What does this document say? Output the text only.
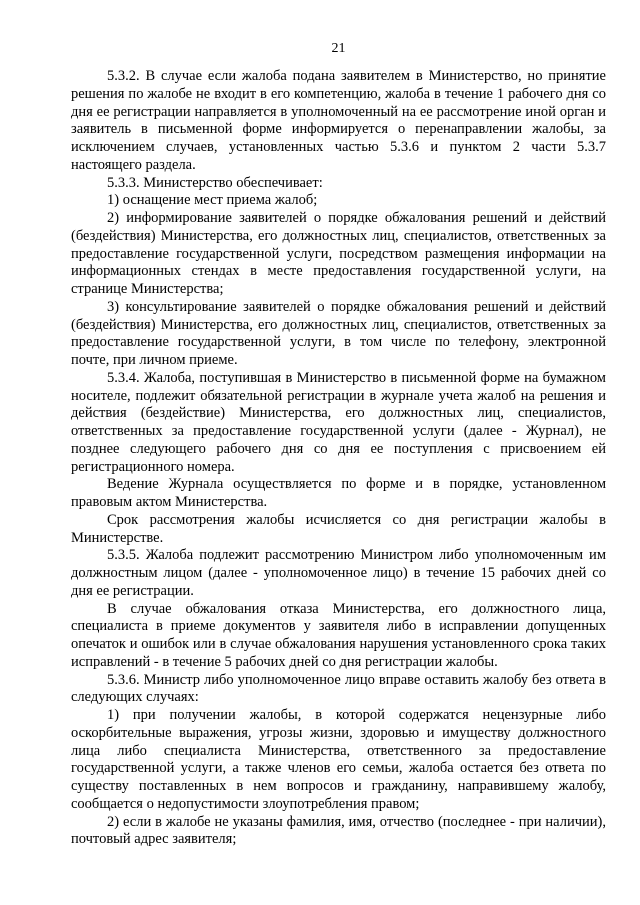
21

5.3.2. В случае если жалоба подана заявителем в Министерство, но принятие решения по жалобе не входит в его компетенцию, жалоба в течение 1 рабочего дня со дня ее регистрации направляется в уполномоченный на ее рассмотрение иной орган и заявитель в письменной форме информируется о перенаправлении жалобы, за исключением случаев, установленных частью 5.3.6 и пунктом 2 части 5.3.7 настоящего раздела.

5.3.3. Министерство обеспечивает:

1) оснащение мест приема жалоб;

2) информирование заявителей о порядке обжалования решений и действий (бездействия) Министерства, его должностных лиц, специалистов, ответственных за предоставление государственной услуги, посредством размещения информации на информационных стендах в месте предоставления государственной услуги, на странице Министерства;

3) консультирование заявителей о порядке обжалования решений и действий (бездействия) Министерства, его должностных лиц, специалистов, ответственных за предоставление государственной услуги, в том числе по телефону, электронной почте, при личном приеме.

5.3.4. Жалоба, поступившая в Министерство в письменной форме на бумажном носителе, подлежит обязательной регистрации в журнале учета жалоб на решения и действия (бездействие) Министерства, его должностных лиц, специалистов, ответственных за предоставление государственной услуги (далее - Журнал), не позднее следующего рабочего дня со дня ее поступления с присвоением ей регистрационного номера.

Ведение Журнала осуществляется по форме и в порядке, установленном правовым актом Министерства.

Срок рассмотрения жалобы исчисляется со дня регистрации жалобы в Министерстве.

5.3.5. Жалоба подлежит рассмотрению Министром либо уполномоченным им должностным лицом (далее - уполномоченное лицо) в течение 15 рабочих дней со дня ее регистрации.

В случае обжалования отказа Министерства, его должностного лица, специалиста в приеме документов у заявителя либо в исправлении допущенных опечаток и ошибок или в случае обжалования нарушения установленного срока таких исправлений - в течение 5 рабочих дней со дня регистрации жалобы.

5.3.6. Министр либо уполномоченное лицо вправе оставить жалобу без ответа в следующих случаях:

1) при получении жалобы, в которой содержатся нецензурные либо оскорбительные выражения, угрозы жизни, здоровью и имуществу должностного лица либо специалиста Министерства, ответственного за предоставление государственной услуги, а также членов его семьи, жалоба остается без ответа по существу поставленных в нем вопросов и гражданину, направившему жалобу, сообщается о недопустимости злоупотребления правом;

2) если в жалобе не указаны фамилия, имя, отчество (последнее - при наличии), почтовый адрес заявителя;
